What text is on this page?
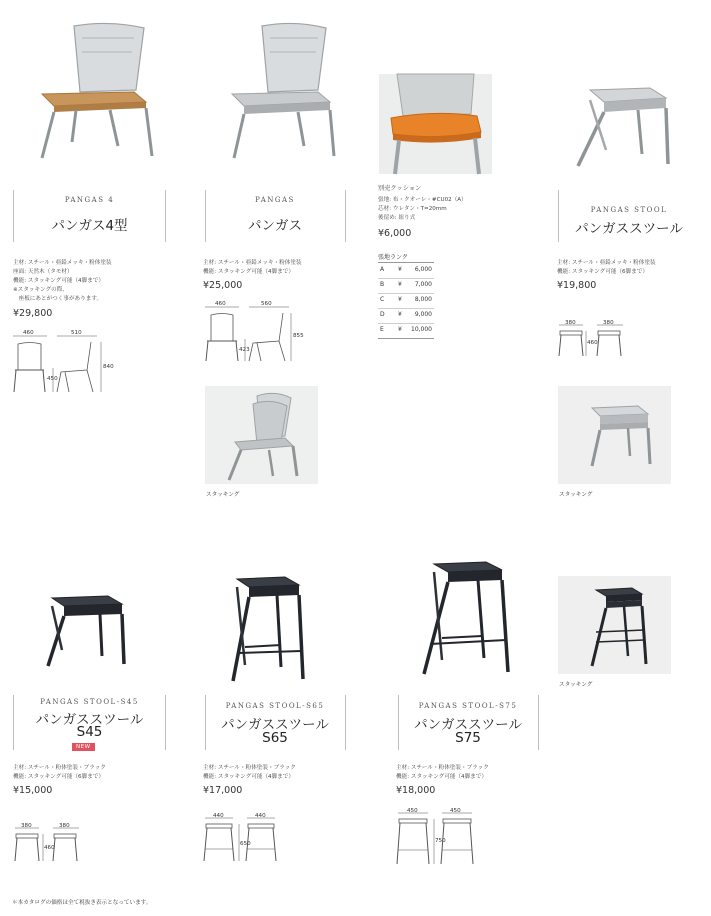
PANGAS 4
パンガス4型
主材: スチール・亜鉛メッキ・粉体塗装
座面: 天然木（タモ材）
機能: スタッキング可能（4脚まで）
※スタッキングの際、
　座板にあとがつく事があります。
¥29,800
PANGAS
パンガス
主材: スチール・亜鉛メッキ・粉体塗装
機能: スタッキング可能（4脚まで）
¥25,000
別売クッション
張地: 布・クオーレ・#CU02（A）
芯材: ウレタン・T=20mm
後留め: 紐り式
¥6,000
張地ランク
A ¥ 6,000
B ¥ 7,000
C ¥ 8,000
D ¥ 9,000
E ¥ 10,000
PANGAS STOOL
パンガススツール
主材: スチール・亜鉛メッキ・粉体塗装
機能: スタッキング可能（6脚まで）
¥19,800
460	510
450
840
460	560
423
855
380	380
460
スタッキング	スタッキング
スタッキング
PANGAS STOOL-S45
パンガススツール
S45
NEW
主材: スチール・粉体塗装・ブラック
機能: スタッキング可能（6脚まで）
¥15,000
PANGAS STOOL-S65
パンガススツール
S65
主材: スチール・粉体塗装・ブラック
機能: スタッキング可能（4脚まで）
¥17,000
PANGAS STOOL-S75
パンガススツール
S75
主材: スチール・粉体塗装・ブラック
機能: スタッキング可能（4脚まで）
¥18,000
380	380
460
440	440
650
450	450
750
＊本カタログの価格は全て税抜き表示となっています。
